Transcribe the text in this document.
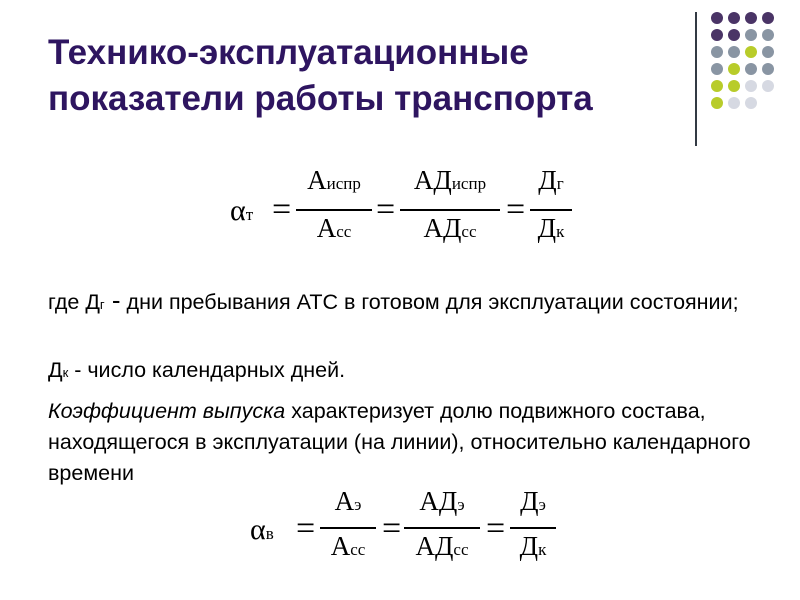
Технико-эксплуатационные
показатели работы транспорта
αт =
Аиспр
Асс
=
АДиспр
АДсс
=
Дг
Дк
где Дг - дни пребывания АТС в готовом для эксплуатации состоянии;
Дк - число календарных дней.
Коэффициент выпуска характеризует долю подвижного состава, находящегося в эксплуатации (на линии), относительно календарного времени
αв =
Аэ
Асс
=
АДэ
АДсс
=
Дэ
Дк
